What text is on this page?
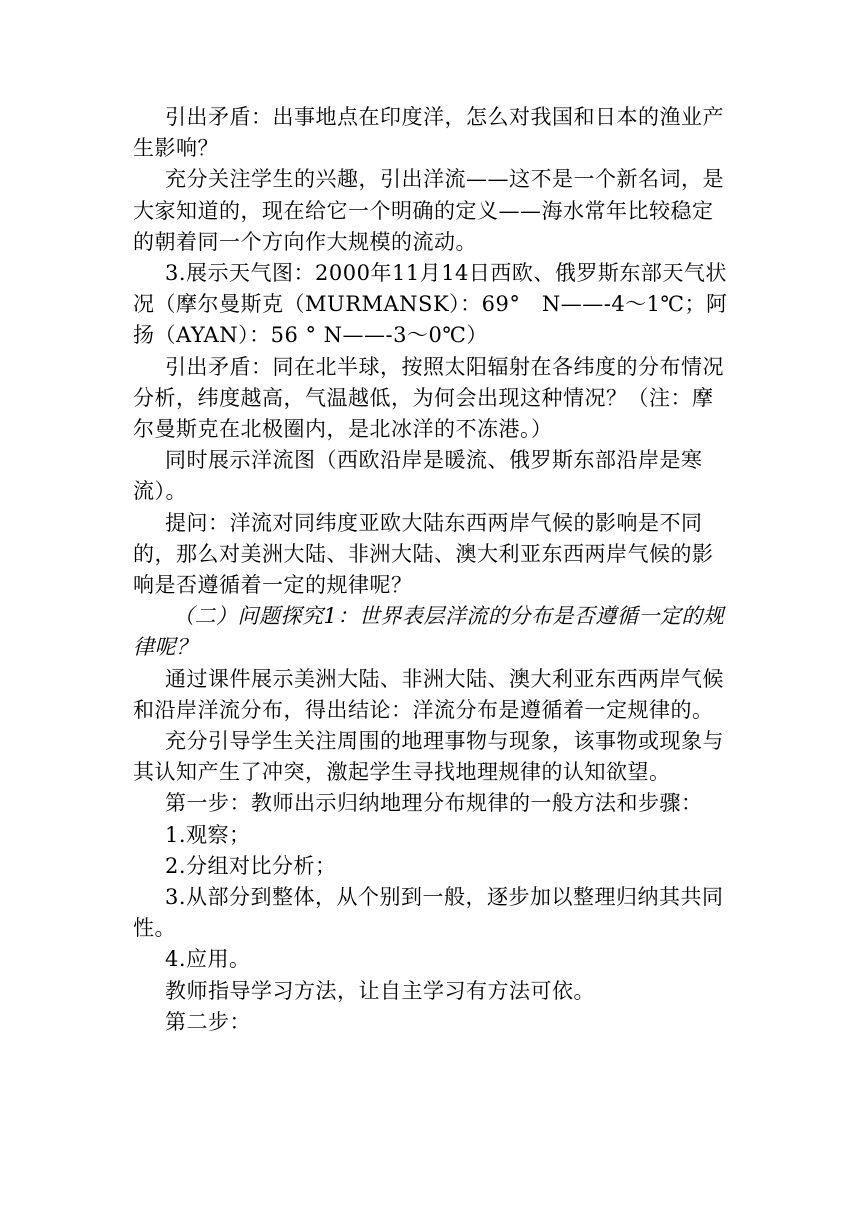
引出矛盾：出事地点在印度洋，怎么对我国和日本的渔业产生影响？

充分关注学生的兴趣，引出洋流——这不是一个新名词，是大家知道的，现在给它一个明确的定义——海水常年比较稳定的朝着同一个方向作大规模的流动。

3.展示天气图：2000年11月14日西欧、俄罗斯东部天气状况（摩尔曼斯克（MURMANSK）：69°　N——-4～1℃；阿扬（AYAN）：56 ° N——-3～0℃）

引出矛盾：同在北半球，按照太阳辐射在各纬度的分布情况分析，纬度越高，气温越低，为何会出现这种情况？（注：摩尔曼斯克在北极圈内，是北冰洋的不冻港。）

同时展示洋流图（西欧沿岸是暖流、俄罗斯东部沿岸是寒流）。

提问：洋流对同纬度亚欧大陆东西两岸气候的影响是不同的，那么对美洲大陆、非洲大陆、澳大利亚东西两岸气候的影响是否遵循着一定的规律呢？

（二）问题探究1：世界表层洋流的分布是否遵循一定的规律呢？

通过课件展示美洲大陆、非洲大陆、澳大利亚东西两岸气候和沿岸洋流分布，得出结论：洋流分布是遵循着一定规律的。

充分引导学生关注周围的地理事物与现象，该事物或现象与其认知产生了冲突，激起学生寻找地理规律的认知欲望。

第一步：教师出示归纳地理分布规律的一般方法和步骤：

1.观察；

2.分组对比分析；

3.从部分到整体，从个别到一般，逐步加以整理归纳其共同性。

4.应用。

教师指导学习方法，让自主学习有方法可依。

第二步：
